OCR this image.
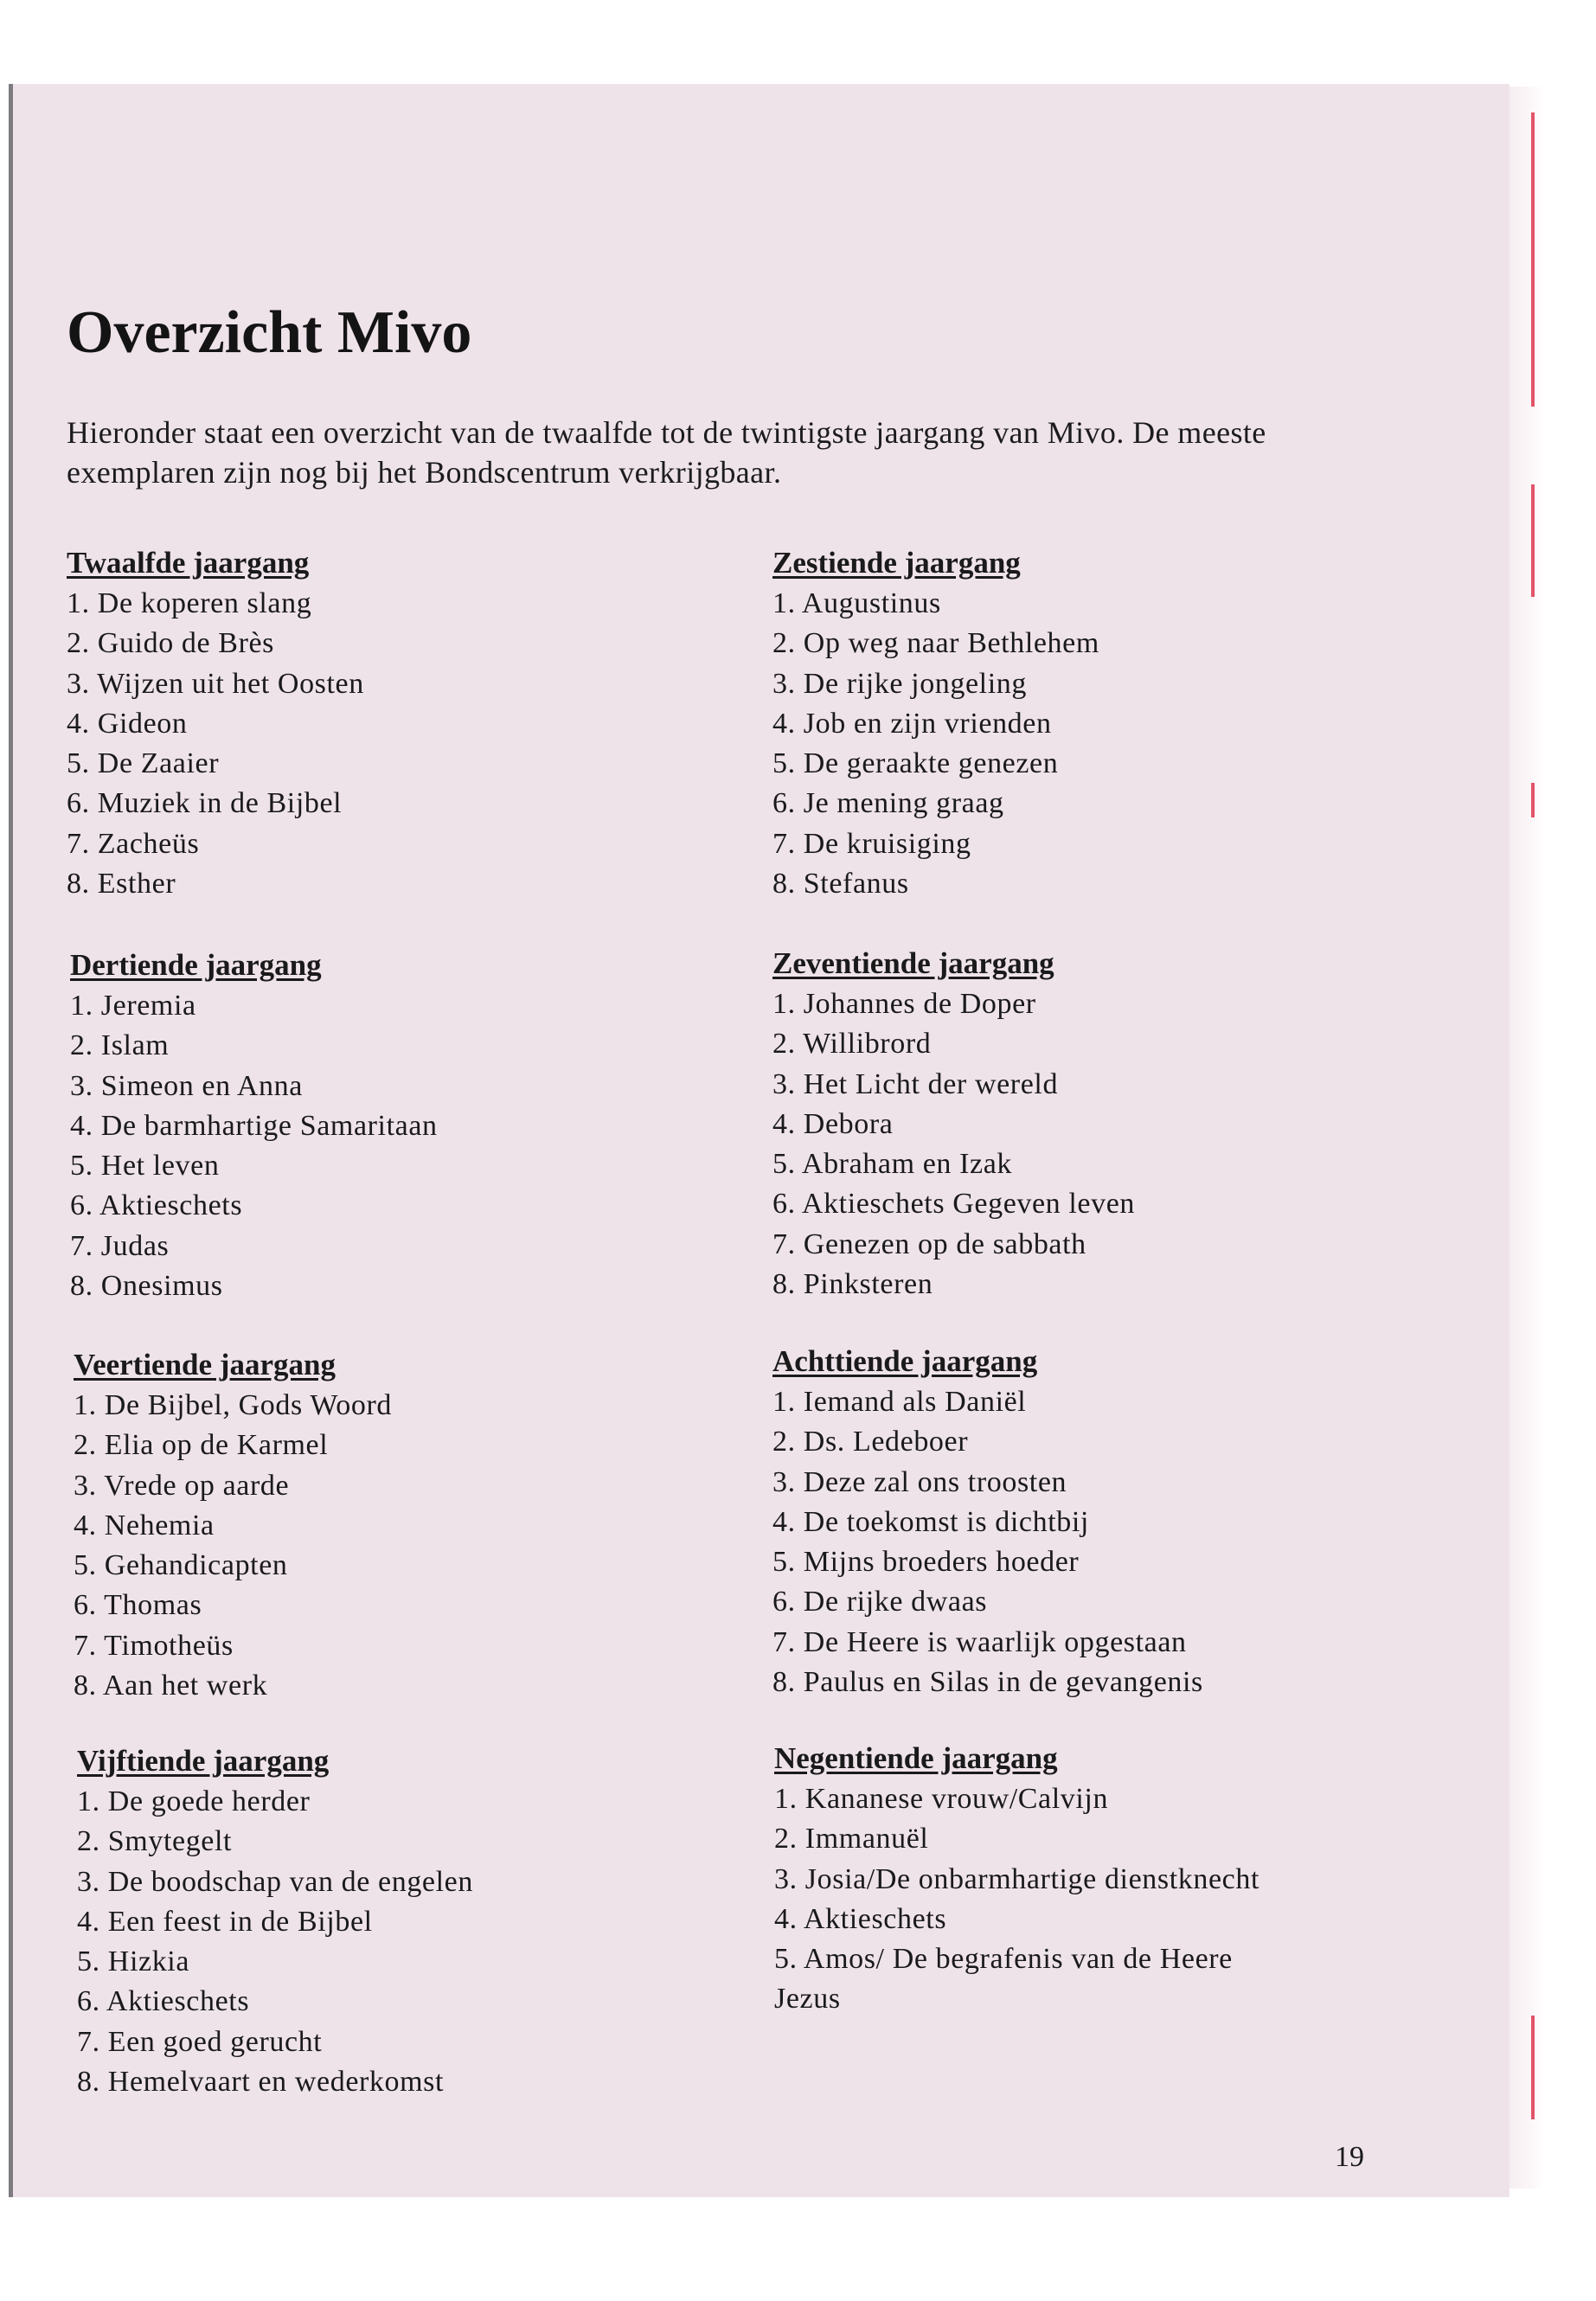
Overzicht Mivo

Hieronder staat een overzicht van de twaalfde tot de twintigste jaargang van Mivo. De meeste exemplaren zijn nog bij het Bondscentrum verkrijgbaar.

Twaalfde jaargang
1. De koperen slang
2. Guido de Brès
3. Wijzen uit het Oosten
4. Gideon
5. De Zaaier
6. Muziek in de Bijbel
7. Zacheüs
8. Esther
Dertiende jaargang
1. Jeremia
2. Islam
3. Simeon en Anna
4. De barmhartige Samaritaan
5. Het leven
6. Aktieschets
7. Judas
8. Onesimus
Veertiende jaargang
1. De Bijbel, Gods Woord
2. Elia op de Karmel
3. Vrede op aarde
4. Nehemia
5. Gehandicapten
6. Thomas
7. Timotheüs
8. Aan het werk
Vijftiende jaargang
1. De goede herder
2. Smytegelt
3. De boodschap van de engelen
4. Een feest in de Bijbel
5. Hizkia
6. Aktieschets
7. Een goed gerucht
8. Hemelvaart en wederkomst
Zestiende jaargang
1. Augustinus
2. Op weg naar Bethlehem
3. De rijke jongeling
4. Job en zijn vrienden
5. De geraakte genezen
6. Je mening graag
7. De kruisiging
8. Stefanus
Zeventiende jaargang
1. Johannes de Doper
2. Willibrord
3. Het Licht der wereld
4. Debora
5. Abraham en Izak
6. Aktieschets Gegeven leven
7. Genezen op de sabbath
8. Pinksteren
Achttiende jaargang
1. Iemand als Daniël
2. Ds. Ledeboer
3. Deze zal ons troosten
4. De toekomst is dichtbij
5. Mijns broeders hoeder
6. De rijke dwaas
7. De Heere is waarlijk opgestaan
8. Paulus en Silas in de gevangenis
Negentiende jaargang
1. Kananese vrouw/Calvijn
2. Immanuël
3. Josia/De onbarmhartige dienstknecht
4. Aktieschets
5. Amos/ De begrafenis van de Heere
Jezus
19
